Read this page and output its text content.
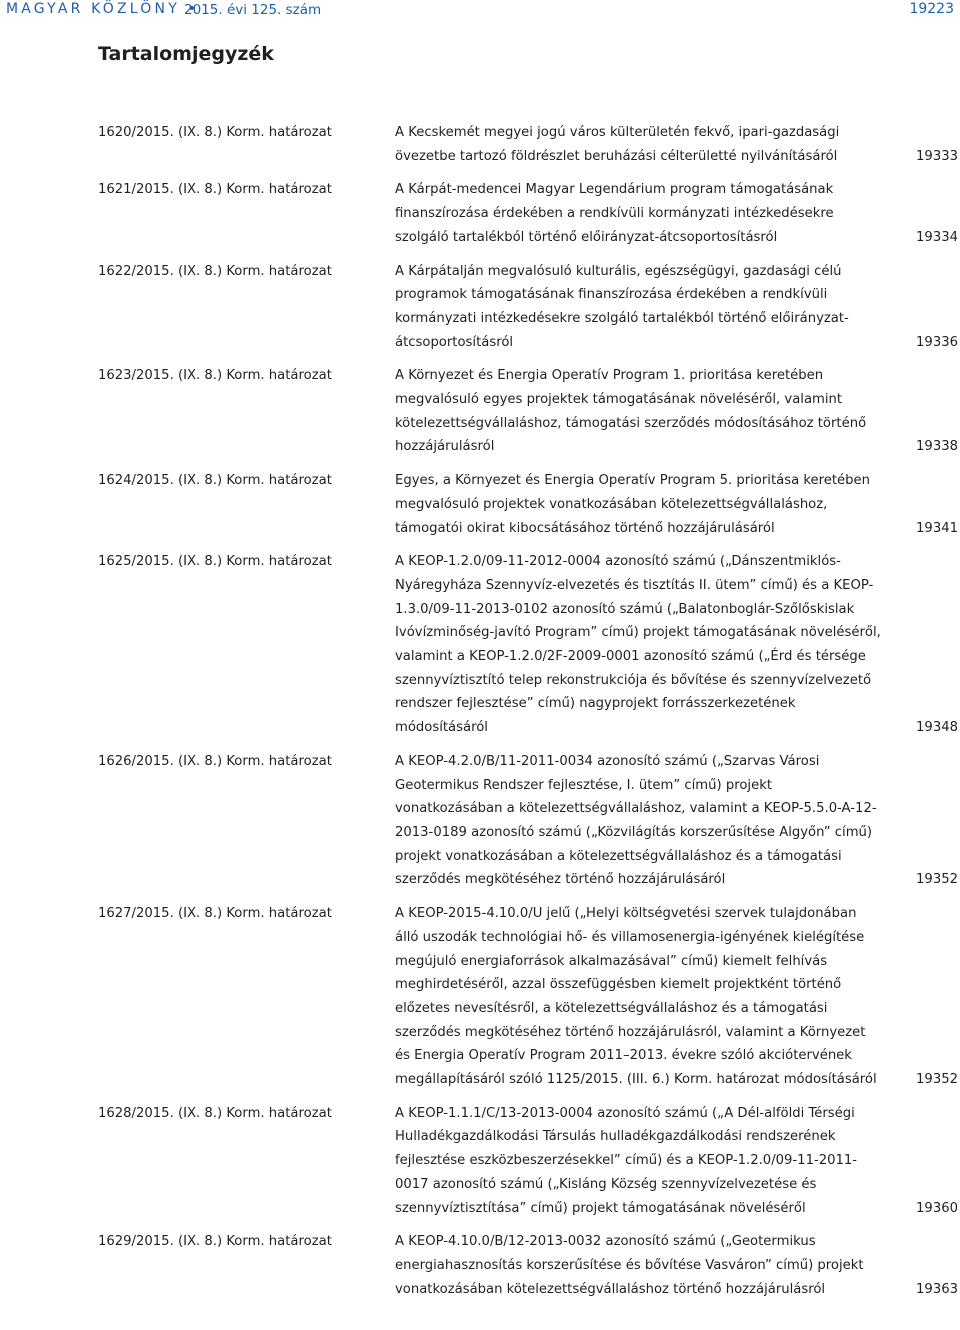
MAGYAR KÖZLÖNY •
2015. évi 125. szám	19223
Tartalomjegyzék
1620/2015. (IX. 8.) Korm. határozat	A Kecskemét megyei jogú város külterületén fekvő, ipari-gazdasági övezetbe tartozó földrészlet beruházási célterületté nyilvánításáról	19333
1621/2015. (IX. 8.) Korm. határozat	A Kárpát-medencei Magyar Legendárium program támogatásának finanszírozása érdekében a rendkívüli kormányzati intézkedésekre szolgáló tartalékból történő előirányzat-átcsoportosításról	19334
1622/2015. (IX. 8.) Korm. határozat	A Kárpátalján megvalósuló kulturális, egészségügyi, gazdasági célú programok támogatásának finanszírozása érdekében a rendkívüli kormányzati intézkedésekre szolgáló tartalékból történő előirányzat-átcsoportosításról	19336
1623/2015. (IX. 8.) Korm. határozat	A Környezet és Energia Operatív Program 1. prioritása keretében megvalósuló egyes projektek támogatásának növeléséről, valamint kötelezettségvállaláshoz, támogatási szerződés módosításához történő hozzájárulásról	19338
1624/2015. (IX. 8.) Korm. határozat	Egyes, a Környezet és Energia Operatív Program 5. prioritása keretében megvalósuló projektek vonatkozásában kötelezettségvállaláshoz, támogatói okirat kibocsátásához történő hozzájárulásáról	19341
1625/2015. (IX. 8.) Korm. határozat	A KEOP-1.2.0/09-11-2012-0004 azonosító számú („Dánszentmiklós-Nyáregyháza Szennyvíz-elvezetés és tisztítás II. ütem” című) és a KEOP-1.3.0/09-11-2013-0102 azonosító számú („Balatonboglár-Szőlőskislak Ivóvízminőség-javító Program” című) projekt támogatásának növeléséről, valamint a KEOP-1.2.0/2F-2009-0001 azonosító számú („Érd és térsége szennyvíztisztító telep rekonstrukciója és bővítése és szennyvízelvezető rendszer fejlesztése” című) nagyprojekt forrásszerkezetének módosításáról	19348
1626/2015. (IX. 8.) Korm. határozat	A KEOP-4.2.0/B/11-2011-0034 azonosító számú („Szarvas Városi Geotermikus Rendszer fejlesztése, I. ütem” című) projekt vonatkozásában a kötelezettségvállaláshoz, valamint a KEOP-5.5.0-A-12-2013-0189 azonosító számú („Közvilágítás korszerűsítése Algyőn” című) projekt vonatkozásában a kötelezettségvállaláshoz és a támogatási szerződés megkötéséhez történő hozzájárulásáról	19352
1627/2015. (IX. 8.) Korm. határozat	A KEOP-2015-4.10.0/U jelű („Helyi költségvetési szervek tulajdonában álló uszodák technológiai hő- és villamosenergia-igényének kielégítése megújuló energiaforrások alkalmazásával” című) kiemelt felhívás meghirdetéséről, azzal összefüggésben kiemelt projektként történő előzetes nevesítésről, a kötelezettségvállaláshoz és a támogatási szerződés megkötéséhez történő hozzájárulásról, valamint a Környezet és Energia Operatív Program 2011–2013. évekre szóló akciótervének megállapításáról szóló 1125/2015. (III. 6.) Korm. határozat módosításáról	19352
1628/2015. (IX. 8.) Korm. határozat	A KEOP-1.1.1/C/13-2013-0004 azonosító számú („A Dél-alföldi Térségi Hulladékgazdálkodási Társulás hulladékgazdálkodási rendszerének fejlesztése eszközbeszerzésekkel” című) és a KEOP-1.2.0/09-11-2011-0017 azonosító számú („Kisláng Község szennyvízelvezetése és szennyvíztisztítása” című) projekt támogatásának növeléséről	19360
1629/2015. (IX. 8.) Korm. határozat	A KEOP-4.10.0/B/12-2013-0032 azonosító számú („Geotermikus energiahasznosítás korszerűsítése és bővítése Vasváron” című) projekt vonatkozásában kötelezettségvállaláshoz történő hozzájárulásról	19363
